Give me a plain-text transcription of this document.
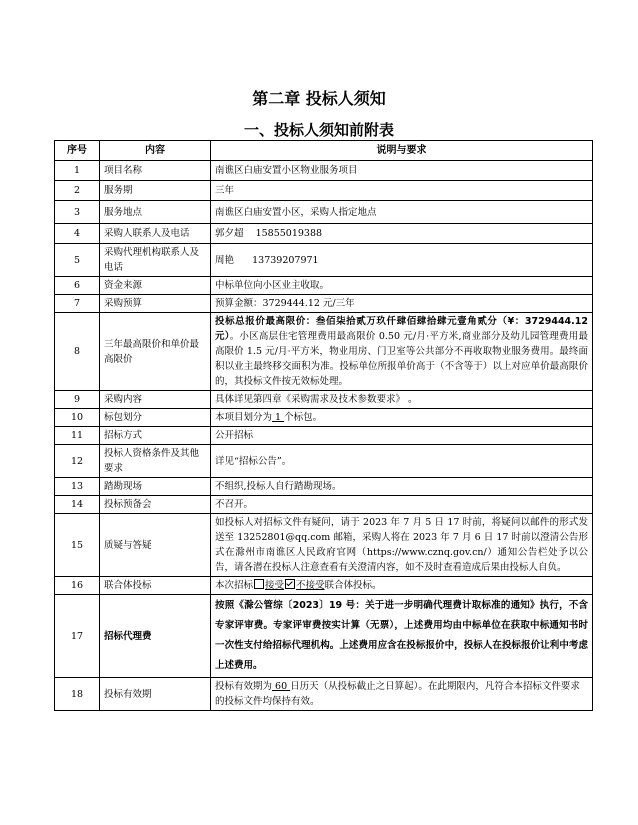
第二章 投标人须知
一、投标人须知前附表
序号	内容	说明与要求
1	项目名称	南谯区白庙安置小区物业服务项目
2	服务期	三年
3	服务地点	南谯区白庙安置小区，采购人指定地点
4	采购人联系人及电话	郭夕超    15855019388
5	采购代理机构联系人及电话	周艳      13739207971
6	资金来源	中标单位向小区业主收取。
7	采购预算	预算金额：3729444.12 元/三年
8	三年最高限价和单价最高限价	投标总报价最高限价：叁佰柒拾贰万玖仟肆佰肆拾肆元壹角贰分（¥：3729444.12 元）。小区高层住宅管理费用最高限价 0.50 元/月·平方米,商业部分及幼儿园管理费用最高限价 1.5 元/月·平方米，物业用房、门卫室等公共部分不再收取物业服务费用。最终面积以业主最终移交面积为准。投标单位所报单价高于（不含等于）以上对应单价最高限价的，其投标文件按无效标处理。
9	采购内容	具体详见第四章《采购需求及技术参数要求》 。
10	标包划分	本项目划分为 1 个标包。
11	招标方式	公开招标
12	投标人资格条件及其他要求	详见“招标公告”。
13	踏勘现场	不组织,投标人自行踏勘现场。
14	投标预备会	不召开。
15	质疑与答疑	如投标人对招标文件有疑问，请于 2023 年 7 月 5 日 17 时前，将疑问以邮件的形式发送至 13252801@qq.com 邮箱，采购人将在 2023 年 7 月 6 日 17 时前以澄清公告形式在滁州市南谯区人民政府官网（https://www.cznq.gov.cn/）通知公告栏处予以公告，请各潜在投标人注意查看有关澄清内容，如不及时查看造成后果由投标人自负。
16	联合体投标	本次招标 接受 不接受联合体投标。
17	招标代理费	按照《滁公管综〔2023〕19 号：关于进一步明确代理费计取标准的通知》执行，不含专家评审费。专家评审费按实计算（无票），上述费用均由中标单位在获取中标通知书时一次性支付给招标代理机构。上述费用应含在投标报价中，投标人在投标报价让利中考虑上述费用。
18	投标有效期	投标有效期为 60 日历天（从投标截止之日算起）。在此期限内，凡符合本招标文件要求的投标文件均保持有效。
